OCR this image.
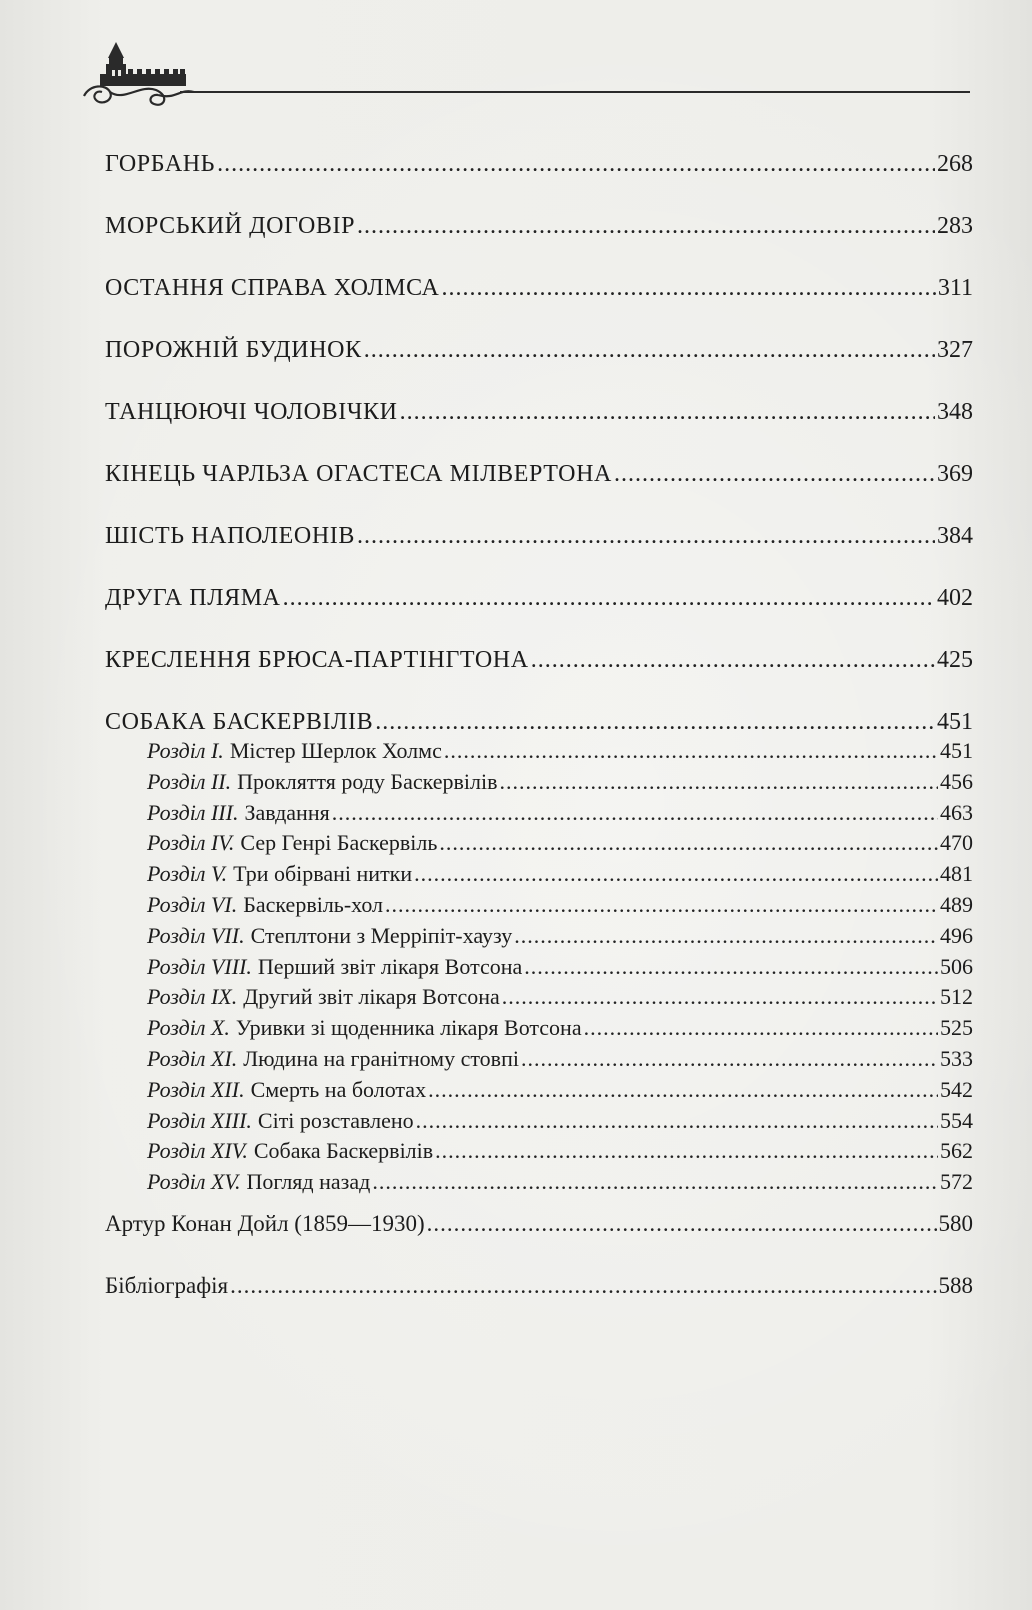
ГОРБАНЬ .....	268
МОРСЬКИЙ ДОГОВІР .....	283
ОСТАННЯ СПРАВА ХОЛМСА .....	311
ПОРОЖНІЙ БУДИНОК .....	327
ТАНЦЮЮЧІ ЧОЛОВІЧКИ .....	348
КІНЕЦЬ ЧАРЛЬЗА ОГАСТЕСА МІЛВЕРТОНА .....	369
ШІСТЬ НАПОЛЕОНІВ .....	384
ДРУГА ПЛЯМА .....	402
КРЕСЛЕННЯ БРЮСА-ПАРТІНГТОНА .....	425
СОБАКА БАСКЕРВІЛІВ .....	451
Розділ І. Містер Шерлок Холмс .....	451
Розділ ІІ. Прокляття роду Баскервілів .....	456
Розділ ІІІ. Завдання .....	463
Розділ IV. Сер Генрі Баскервіль .....	470
Розділ V. Три обірвані нитки .....	481
Розділ VI. Баскервіль-хол .....	489
Розділ VII. Степлтони з Мерріпіт-хаузу .....	496
Розділ VIII. Перший звіт лікаря Вотсона .....	506
Розділ IX. Другий звіт лікаря Вотсона .....	512
Розділ X. Уривки зі щоденника лікаря Вотсона .....	525
Розділ XI. Людина на гранітному стовпі .....	533
Розділ XII. Смерть на болотах .....	542
Розділ XIII. Сіті розставлено .....	554
Розділ XIV. Собака Баскервілів .....	562
Розділ XV. Погляд назад .....	572
Артур Конан Дойл (1859—1930) .....	580
Бібліографія .....	588
